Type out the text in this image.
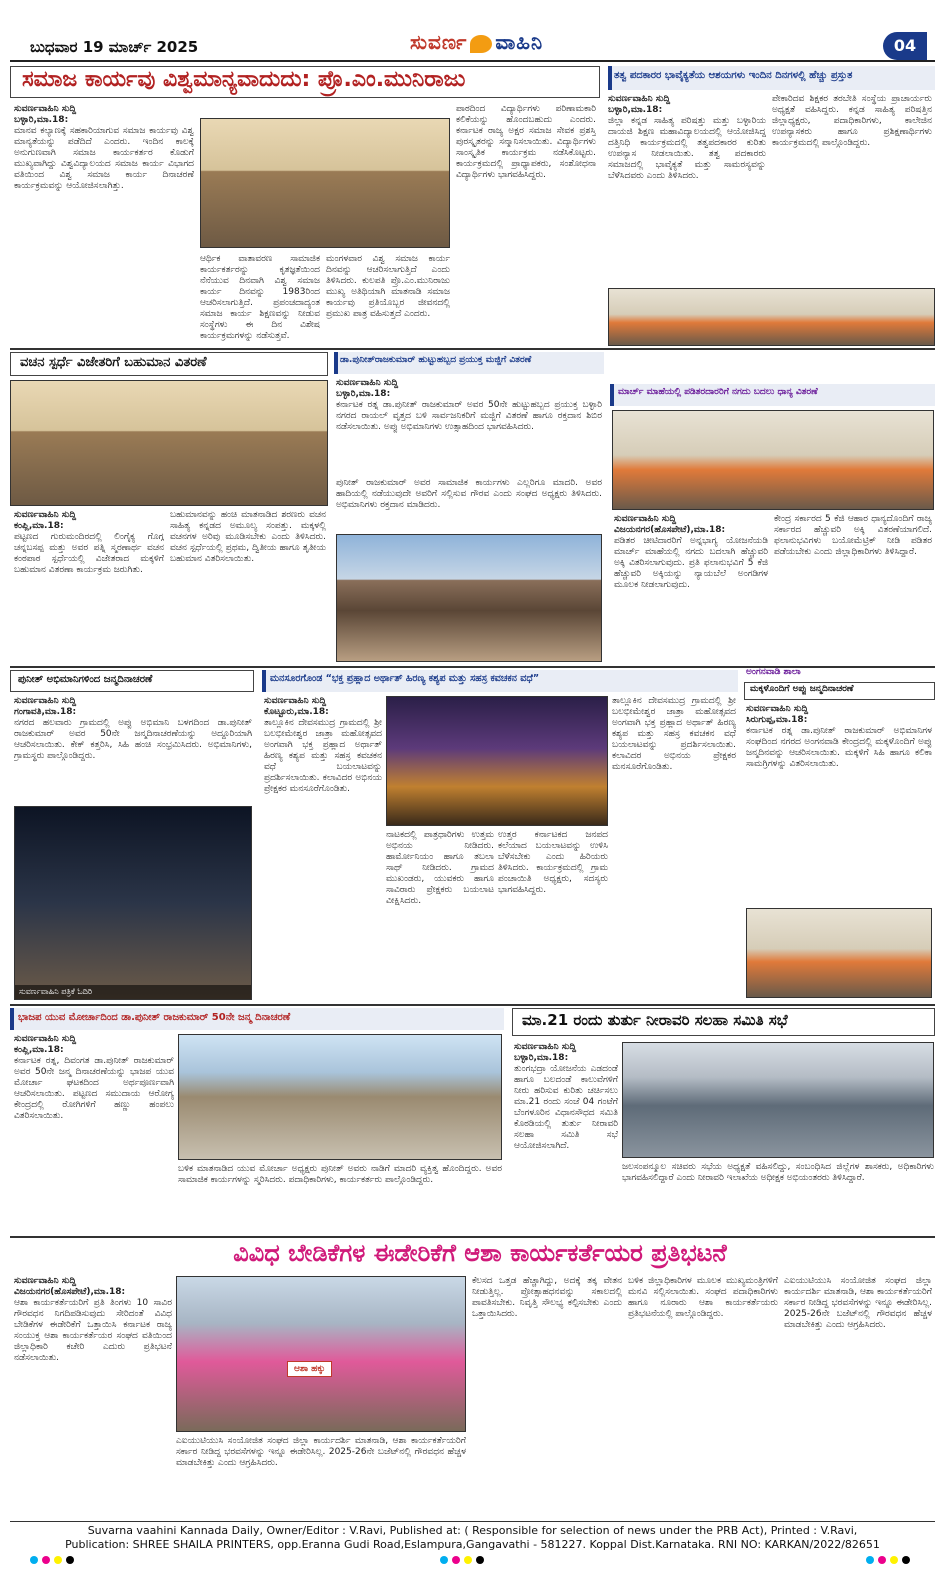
ಬುಧವಾರ 19 ಮಾರ್ಚ್ 2025	ಸುವರ್ಣ ವಾಹಿನಿ	04
ಸಮಾಜ ಕಾರ್ಯವು ವಿಶ್ವಮಾನ್ಯವಾದುದು: ಪ್ರೊ.ಎಂ.ಮುನಿರಾಜು
ಸುವರ್ಣವಾಹಿನಿ ಸುದ್ದಿ
ಬಳ್ಳಾರಿ,ಮಾ.18:

ಮಾನವ ಕಲ್ಯಾಣಕ್ಕೆ ಸಹಕಾರಿಯಾಗುವ ಸಮಾಜ ಕಾರ್ಯವು ವಿಶ್ವ ಮಾನ್ಯತೆಯನ್ನು ಪಡೆದಿದೆ ಎಂದರು. ಇಂದಿನ ಕಾಲಕ್ಕೆ ಅನುಗುಣವಾಗಿ ಸಮಾಜ ಕಾರ್ಯಕರ್ತರ ಕೊಡುಗೆ ಮುಖ್ಯವಾಗಿದ್ದು ವಿಶ್ವವಿದ್ಯಾಲಯದ ಸಮಾಜ ಕಾರ್ಯ ವಿಭಾಗದ ವತಿಯಿಂದ ವಿಶ್ವ ಸಮಾಜ ಕಾರ್ಯ ದಿನಾಚರಣೆ ಕಾರ್ಯಕ್ರಮವನ್ನು ಆಯೋಜಿಸಲಾಗಿತ್ತು.

ಆರ್ಥಿಕ ವಾತಾವರಣ ಸಾಮಾಜಿಕ ಕಾರ್ಯಕರ್ತರನ್ನು ಕೃತಜ್ಞತೆಯಿಂದ ನೆನೆಯುವ ದಿನವಾಗಿ ವಿಶ್ವ ಸಮಾಜ ಕಾರ್ಯ ದಿನವನ್ನು 1983ರಿಂದ ಆಚರಿಸಲಾಗುತ್ತಿದೆ. ಪ್ರಪಂಚದಾದ್ಯಂತ ಸಮಾಜ ಕಾರ್ಯ ಶಿಕ್ಷಣವನ್ನು ನೀಡುವ ಸಂಸ್ಥೆಗಳು ಈ ದಿನ ವಿಶೇಷ ಕಾರ್ಯಕ್ರಮಗಳನ್ನು ನಡೆಸುತ್ತವೆ.

ಮಂಗಳವಾರ ವಿಶ್ವ ಸಮಾಜ ಕಾರ್ಯ ದಿನವನ್ನು ಆಚರಿಸಲಾಗುತ್ತಿದೆ ಎಂದು ತಿಳಿಸಿದರು. ಕುಲಪತಿ ಪ್ರೊ.ಎಂ.ಮುನಿರಾಜು ಮುಖ್ಯ ಅತಿಥಿಯಾಗಿ ಮಾತನಾಡಿ ಸಮಾಜ ಕಾರ್ಯವು ಪ್ರತಿಯೊಬ್ಬರ ಜೀವನದಲ್ಲಿ ಪ್ರಮುಖ ಪಾತ್ರ ವಹಿಸುತ್ತದೆ ಎಂದರು.

ಪಾಠದಿಂದ ವಿದ್ಯಾರ್ಥಿಗಳು ಪರಿಣಾಮಕಾರಿ ಕಲಿಕೆಯನ್ನು ಹೊಂದಬಹುದು ಎಂದರು. ಕರ್ನಾಟಕ ರಾಜ್ಯ ಅಕ್ಷರ ಸಮಾಜ ಸೇವಕ ಪ್ರಶಸ್ತಿ ಪುರಸ್ಕೃತರನ್ನು ಸನ್ಮಾನಿಸಲಾಯಿತು. ವಿದ್ಯಾರ್ಥಿಗಳು ಸಾಂಸ್ಕೃತಿಕ ಕಾರ್ಯಕ್ರಮ ನಡೆಸಿಕೊಟ್ಟರು. ಕಾರ್ಯಕ್ರಮದಲ್ಲಿ ಪ್ರಾಧ್ಯಾಪಕರು, ಸಂಶೋಧನಾ ವಿದ್ಯಾರ್ಥಿಗಳು ಭಾಗವಹಿಸಿದ್ದರು.

ತತ್ವ ಪದಕಾರರ ಭಾವೈಕ್ಯತೆಯ ಆಶಯಗಳು ಇಂದಿನ ದಿನಗಳಲ್ಲಿ ಹೆಚ್ಚು ಪ್ರಸ್ತುತ
ಸುವರ್ಣವಾಹಿನಿ ಸುದ್ದಿ
ಬಳ್ಳಾರಿ,ಮಾ.18:

ಜಿಲ್ಲಾ ಕನ್ನಡ ಸಾಹಿತ್ಯ ಪರಿಷತ್ತು ಮತ್ತು ಬಳ್ಳಾರಿಯ ದಾಯಜಿ ಶಿಕ್ಷಣ ಮಹಾವಿದ್ಯಾಲಯದಲ್ಲಿ ಆಯೋಜಿಸಿದ್ದ ದತ್ತಿನಿಧಿ ಕಾರ್ಯಕ್ರಮದಲ್ಲಿ ತತ್ವಪದಕಾರರ ಕುರಿತು ಉಪನ್ಯಾಸ ನೀಡಲಾಯಿತು. ತತ್ವ ಪದಕಾರರು ಸಮಾಜದಲ್ಲಿ ಭಾವೈಕ್ಯತೆ ಮತ್ತು ಸಾಮರಸ್ಯವನ್ನು ಬೆಳೆಸಿದವರು ಎಂದು ತಿಳಿಸಿದರು.

ಪೇಕಾರಿದವ ಶಿಕ್ಷಕರ ತರಬೇತಿ ಸಂಸ್ಥೆಯ ಪ್ರಾಚಾರ್ಯರು ಅಧ್ಯಕ್ಷತೆ ವಹಿಸಿದ್ದರು. ಕನ್ನಡ ಸಾಹಿತ್ಯ ಪರಿಷತ್ತಿನ ಜಿಲ್ಲಾಧ್ಯಕ್ಷರು, ಪದಾಧಿಕಾರಿಗಳು, ಕಾಲೇಜಿನ ಉಪನ್ಯಾಸಕರು ಹಾಗೂ ಪ್ರಶಿಕ್ಷಣಾರ್ಥಿಗಳು ಕಾರ್ಯಕ್ರಮದಲ್ಲಿ ಪಾಲ್ಗೊಂಡಿದ್ದರು.

ವಚನ ಸ್ಪರ್ಧೆ ವಿಜೇತರಿಗೆ ಬಹುಮಾನ ವಿತರಣೆ
ಸುವರ್ಣವಾಹಿನಿ ಸುದ್ದಿ
ಕಂಪ್ಲಿ,ಮಾ.18:

ಪಟ್ಟಣದ ಗುರುಮಂದಿರದಲ್ಲಿ ಲಿಂಗೈಕ್ಯ ಗೊಗ್ಗ ಚನ್ನಬಸಪ್ಪ ಮತ್ತು ಅವರ ಪತ್ನಿ ಸ್ಮರಣಾರ್ಥ ವಚನ ಕಂಠಪಾಠ ಸ್ಪರ್ಧೆಯಲ್ಲಿ ವಿಜೇತರಾದ ಮಕ್ಕಳಿಗೆ ಬಹುಮಾನ ವಿತರಣಾ ಕಾರ್ಯಕ್ರಮ ಜರುಗಿತು.

ಬಹುಮಾನವನ್ನು ಹಂಚಿ ಮಾತನಾಡಿದ ಶರಣರು ವಚನ ಸಾಹಿತ್ಯ ಕನ್ನಡದ ಅಮೂಲ್ಯ ಸಂಪತ್ತು. ಮಕ್ಕಳಲ್ಲಿ ವಚನಗಳ ಅರಿವು ಮೂಡಿಸಬೇಕು ಎಂದು ತಿಳಿಸಿದರು. ವಚನ ಸ್ಪರ್ಧೆಯಲ್ಲಿ ಪ್ರಥಮ, ದ್ವಿತೀಯ ಹಾಗೂ ತೃತೀಯ ಬಹುಮಾನ ವಿತರಿಸಲಾಯಿತು.

ಡಾ.ಪುನೀತ್‌ರಾಜಕುಮಾರ್ ಹುಟ್ಟುಹಬ್ಬದ ಪ್ರಯುಕ್ತ ಮಜ್ಜಿಗೆ ವಿತರಣೆ
ಸುವರ್ಣವಾಹಿನಿ ಸುದ್ದಿ
ಬಳ್ಳಾರಿ,ಮಾ.18:

ಕರ್ನಾಟಕ ರತ್ನ ಡಾ.ಪುನೀತ್ ರಾಜಕುಮಾರ್ ಅವರ 50ನೇ ಹುಟ್ಟುಹಬ್ಬದ ಪ್ರಯುಕ್ತ ಬಳ್ಳಾರಿ ನಗರದ ರಾಯಲ್ ವೃತ್ತದ ಬಳಿ ಸಾರ್ವಜನಿಕರಿಗೆ ಮಜ್ಜಿಗೆ ವಿತರಣೆ ಹಾಗೂ ರಕ್ತದಾನ ಶಿಬಿರ ನಡೆಸಲಾಯಿತು. ಅಪ್ಪು ಅಭಿಮಾನಿಗಳು ಉತ್ಸಾಹದಿಂದ ಭಾಗವಹಿಸಿದರು.

ಪುನೀತ್ ರಾಜಕುಮಾರ್ ಅವರ ಸಾಮಾಜಿಕ ಕಾರ್ಯಗಳು ಎಲ್ಲರಿಗೂ ಮಾದರಿ. ಅವರ ಹಾದಿಯಲ್ಲಿ ನಡೆಯುವುದೇ ಅವರಿಗೆ ಸಲ್ಲಿಸುವ ಗೌರವ ಎಂದು ಸಂಘದ ಅಧ್ಯಕ್ಷರು ತಿಳಿಸಿದರು. ಅಭಿಮಾನಿಗಳು ರಕ್ತದಾನ ಮಾಡಿದರು.

ಮಾರ್ಚ್ ಮಾಹೆಯಲ್ಲಿ ಪಡಿತರದಾರರಿಗೆ ನಗದು ಬದಲು ಧಾನ್ಯ ವಿತರಣೆ
ಸುವರ್ಣವಾಹಿನಿ ಸುದ್ದಿ
ವಿಜಯನಗರ(ಹೊಸಪೇಟೆ),ಮಾ.18:

ಪಡಿತರ ಚೀಟಿದಾರರಿಗೆ ಅನ್ನಭಾಗ್ಯ ಯೋಜನೆಯಡಿ ಮಾರ್ಚ್ ಮಾಹೆಯಲ್ಲಿ ನಗದು ಬದಲಾಗಿ ಹೆಚ್ಚುವರಿ ಅಕ್ಕಿ ವಿತರಿಸಲಾಗುವುದು. ಪ್ರತಿ ಫಲಾನುಭವಿಗೆ 5 ಕೆಜಿ ಹೆಚ್ಚುವರಿ ಅಕ್ಕಿಯನ್ನು ನ್ಯಾಯಬೆಲೆ ಅಂಗಡಿಗಳ ಮೂಲಕ ನೀಡಲಾಗುವುದು.

ಕೇಂದ್ರ ಸರ್ಕಾರದ 5 ಕೆಜಿ ಆಹಾರ ಧಾನ್ಯದೊಂದಿಗೆ ರಾಜ್ಯ ಸರ್ಕಾರದ ಹೆಚ್ಚುವರಿ ಅಕ್ಕಿ ವಿತರಣೆಯಾಗಲಿದೆ. ಫಲಾನುಭವಿಗಳು ಬಯೋಮೆಟ್ರಿಕ್ ನೀಡಿ ಪಡಿತರ ಪಡೆಯಬೇಕು ಎಂದು ಜಿಲ್ಲಾಧಿಕಾರಿಗಳು ತಿಳಿಸಿದ್ದಾರೆ.

ಪುನೀತ್ ಅಭಿಮಾನಿಗಳಿಂದ ಜನ್ಮದಿನಾಚರಣೆ
ಸುವರ್ಣವಾಹಿನಿ ಸುದ್ದಿ
ಗಂಗಾವತಿ,ಮಾ.18:

ನಗರದ ಹಲವಾರು ಗ್ರಾಮದಲ್ಲಿ ಅಪ್ಪು ಅಭಿಮಾನಿ ಬಳಗದಿಂದ ಡಾ.ಪುನೀತ್ ರಾಜಕುಮಾರ್ ಅವರ 50ನೇ ಜನ್ಮದಿನಾಚರಣೆಯನ್ನು ಅದ್ದೂರಿಯಾಗಿ ಆಚರಿಸಲಾಯಿತು. ಕೇಕ್ ಕತ್ತರಿಸಿ, ಸಿಹಿ ಹಂಚಿ ಸಂಭ್ರಮಿಸಿದರು. ಅಭಿಮಾನಿಗಳು, ಗ್ರಾಮಸ್ಥರು ಪಾಲ್ಗೊಂಡಿದ್ದರು.

ಸುವರ್ಣವಾಹಿನಿ ಪತ್ರಿಕೆ ಓದಿರಿ
ಮನಸೂರಗೊಂಡ “ಭಕ್ತ ಪ್ರಹ್ಲಾದ ಅರ್ಥಾತ್ ಹಿರಣ್ಯ ಕಶ್ಯಪ ಮತ್ತು ಸಹಸ್ರ ಕವಚಕನ ವಧೆ”
ಸುವರ್ಣವಾಹಿನಿ ಸುದ್ದಿ
ಕೊಟ್ಟೂರು,ಮಾ.18:

ತಾಲ್ಲೂಕಿನ ದೇವಸಮುದ್ರ ಗ್ರಾಮದಲ್ಲಿ ಶ್ರೀ ಬಲಭೀಮೇಶ್ವರ ಜಾತ್ರಾ ಮಹೋತ್ಸವದ ಅಂಗವಾಗಿ ಭಕ್ತ ಪ್ರಹ್ಲಾದ ಅರ್ಥಾತ್ ಹಿರಣ್ಯ ಕಶ್ಯಪ ಮತ್ತು ಸಹಸ್ರ ಕವಚಕನ ವಧೆ ಬಯಲಾಟವನ್ನು ಪ್ರದರ್ಶಿಸಲಾಯಿತು. ಕಲಾವಿದರ ಅಭಿನಯ ಪ್ರೇಕ್ಷಕರ ಮನಸೂರೆಗೊಂಡಿತು.

ನಾಟಕದಲ್ಲಿ ಪಾತ್ರಧಾರಿಗಳು ಉತ್ತಮ ಅಭಿನಯ ನೀಡಿದರು. ಹಾರ್ಮೋನಿಯಂ ಹಾಗೂ ತಬಲಾ ಸಾಥ್ ನೀಡಿದರು. ಗ್ರಾಮದ ಮುಖಂಡರು, ಯುವಕರು ಹಾಗೂ ಸಾವಿರಾರು ಪ್ರೇಕ್ಷಕರು ಬಯಲಾಟ ವೀಕ್ಷಿಸಿದರು.

ಉತ್ತರ ಕರ್ನಾಟಕದ ಜನಪದ ಕಲೆಯಾದ ಬಯಲಾಟವನ್ನು ಉಳಿಸಿ ಬೆಳೆಸಬೇಕು ಎಂದು ಹಿರಿಯರು ತಿಳಿಸಿದರು. ಕಾರ್ಯಕ್ರಮದಲ್ಲಿ ಗ್ರಾಮ ಪಂಚಾಯಿತಿ ಅಧ್ಯಕ್ಷರು, ಸದಸ್ಯರು ಭಾಗವಹಿಸಿದ್ದರು.

ತಾಲ್ಲೂಕಿನ ದೇವಸಮುದ್ರ ಗ್ರಾಮದಲ್ಲಿ ಶ್ರೀ ಬಲಭೀಮೇಶ್ವರ ಜಾತ್ರಾ ಮಹೋತ್ಸವದ ಅಂಗವಾಗಿ ಭಕ್ತ ಪ್ರಹ್ಲಾದ ಅರ್ಥಾತ್ ಹಿರಣ್ಯ ಕಶ್ಯಪ ಮತ್ತು ಸಹಸ್ರ ಕವಚಕನ ವಧೆ ಬಯಲಾಟವನ್ನು ಪ್ರದರ್ಶಿಸಲಾಯಿತು. ಕಲಾವಿದರ ಅಭಿನಯ ಪ್ರೇಕ್ಷಕರ ಮನಸೂರೆಗೊಂಡಿತು.

ಅಂಗನವಾಡಿ ಶಾಲಾ
ಮಕ್ಕಳೊಂದಿಗೆ ಅಪ್ಪು ಜನ್ಮದಿನಾಚರಣೆ
ಸುವರ್ಣವಾಹಿನಿ ಸುದ್ದಿ
ಸಿರುಗುಪ್ಪ,ಮಾ.18:

ಕರ್ನಾಟಕ ರತ್ನ ಡಾ.ಪುನೀತ್ ರಾಜಕುಮಾರ್ ಅಭಿಮಾನಿಗಳ ಸಂಘದಿಂದ ನಗರದ ಅಂಗನವಾಡಿ ಕೇಂದ್ರದಲ್ಲಿ ಮಕ್ಕಳೊಂದಿಗೆ ಅಪ್ಪು ಜನ್ಮದಿನವನ್ನು ಆಚರಿಸಲಾಯಿತು. ಮಕ್ಕಳಿಗೆ ಸಿಹಿ ಹಾಗೂ ಕಲಿಕಾ ಸಾಮಗ್ರಿಗಳನ್ನು ವಿತರಿಸಲಾಯಿತು.

ಭಾಜಪ ಯುವ ಮೋರ್ಚಾದಿಂದ ಡಾ.ಪುನೀತ್ ರಾಜಕುಮಾರ್ 50ನೇ ಜನ್ಮ ದಿನಾಚರಣೆ
ಸುವರ್ಣವಾಹಿನಿ ಸುದ್ದಿ
ಕಂಪ್ಲಿ,ಮಾ.18:

ಕರ್ನಾಟಕ ರತ್ನ, ದಿವಂಗತ ಡಾ.ಪುನೀತ್ ರಾಜಕುಮಾರ್ ಅವರ 50ನೇ ಜನ್ಮ ದಿನಾಚರಣೆಯನ್ನು ಭಾಜಪ ಯುವ ಮೋರ್ಚಾ ಘಟಕದಿಂದ ಅರ್ಥಪೂರ್ಣವಾಗಿ ಆಚರಿಸಲಾಯಿತು. ಪಟ್ಟಣದ ಸಮುದಾಯ ಆರೋಗ್ಯ ಕೇಂದ್ರದಲ್ಲಿ ರೋಗಿಗಳಿಗೆ ಹಣ್ಣು ಹಂಪಲು ವಿತರಿಸಲಾಯಿತು.

ಬಳಿಕ ಮಾತನಾಡಿದ ಯುವ ಮೋರ್ಚಾ ಅಧ್ಯಕ್ಷರು ಪುನೀತ್ ಅವರು ನಾಡಿಗೆ ಮಾದರಿ ವ್ಯಕ್ತಿತ್ವ ಹೊಂದಿದ್ದರು. ಅವರ ಸಾಮಾಜಿಕ ಕಾರ್ಯಗಳನ್ನು ಸ್ಮರಿಸಿದರು. ಪದಾಧಿಕಾರಿಗಳು, ಕಾರ್ಯಕರ್ತರು ಪಾಲ್ಗೊಂಡಿದ್ದರು.

ಮಾ.21 ರಂದು ತುರ್ತು ನೀರಾವರಿ ಸಲಹಾ ಸಮಿತಿ ಸಭೆ
ಸುವರ್ಣವಾಹಿನಿ ಸುದ್ದಿ
ಬಳ್ಳಾರಿ,ಮಾ.18:

ತುಂಗಭದ್ರಾ ಯೋಜನೆಯ ಎಡದಂಡೆ ಹಾಗೂ ಬಲದಂಡೆ ಕಾಲುವೆಗಳಿಗೆ ನೀರು ಹರಿಸುವ ಕುರಿತು ಚರ್ಚಿಸಲು ಮಾ.21 ರಂದು ಸಂಜೆ 04 ಗಂಟೆಗೆ ಬೆಂಗಳೂರಿನ ವಿಧಾನಸೌಧದ ಸಮಿತಿ ಕೊಠಡಿಯಲ್ಲಿ ತುರ್ತು ನೀರಾವರಿ ಸಲಹಾ ಸಮಿತಿ ಸಭೆ ಆಯೋಜಿಸಲಾಗಿದೆ.

ಜಲಸಂಪನ್ಮೂಲ ಸಚಿವರು ಸಭೆಯ ಅಧ್ಯಕ್ಷತೆ ವಹಿಸಲಿದ್ದು, ಸಂಬಂಧಿಸಿದ ಜಿಲ್ಲೆಗಳ ಶಾಸಕರು, ಅಧಿಕಾರಿಗಳು ಭಾಗವಹಿಸಲಿದ್ದಾರೆ ಎಂದು ನೀರಾವರಿ ಇಲಾಖೆಯ ಅಧೀಕ್ಷಕ ಅಭಿಯಂತರರು ತಿಳಿಸಿದ್ದಾರೆ.

ವಿವಿಧ ಬೇಡಿಕೆಗಳ ಈಡೇರಿಕೆಗೆ ಆಶಾ ಕಾರ್ಯಕರ್ತೆಯರ ಪ್ರತಿಭಟನೆ
ಸುವರ್ಣವಾಹಿನಿ ಸುದ್ದಿ
ವಿಜಯನಗರ(ಹೊಸಪೇಟೆ),ಮಾ.18:

ಆಶಾ ಕಾರ್ಯಕರ್ತೆಯರಿಗೆ ಪ್ರತಿ ತಿಂಗಳು 10 ಸಾವಿರ ಗೌರವಧನ ನಿಗದಿಪಡಿಸುವುದು ಸೇರಿದಂತೆ ವಿವಿಧ ಬೇಡಿಕೆಗಳ ಈಡೇರಿಕೆಗೆ ಒತ್ತಾಯಿಸಿ ಕರ್ನಾಟಕ ರಾಜ್ಯ ಸಂಯುಕ್ತ ಆಶಾ ಕಾರ್ಯಕರ್ತೆಯರ ಸಂಘದ ವತಿಯಿಂದ ಜಿಲ್ಲಾಧಿಕಾರಿ ಕಚೇರಿ ಎದುರು ಪ್ರತಿಭಟನೆ ನಡೆಸಲಾಯಿತು.

ಆಶಾ ಹಕ್ಕು

ಎಐಯುಟಿಯುಸಿ ಸಂಯೋಜಿತ ಸಂಘದ ಜಿಲ್ಲಾ ಕಾರ್ಯದರ್ಶಿ ಮಾತನಾಡಿ, ಆಶಾ ಕಾರ್ಯಕರ್ತೆಯರಿಗೆ ಸರ್ಕಾರ ನೀಡಿದ್ದ ಭರವಸೆಗಳನ್ನು ಇನ್ನೂ ಈಡೇರಿಸಿಲ್ಲ. 2025-26ನೇ ಬಜೆಟ್‌ನಲ್ಲಿ ಗೌರವಧನ ಹೆಚ್ಚಳ ಮಾಡಬೇಕಿತ್ತು ಎಂದು ಆಗ್ರಹಿಸಿದರು.

ಕೆಲಸದ ಒತ್ತಡ ಹೆಚ್ಚಾಗಿದ್ದು, ಅದಕ್ಕೆ ತಕ್ಕ ವೇತನ ನೀಡುತ್ತಿಲ್ಲ. ಪ್ರೋತ್ಸಾಹಧನವನ್ನು ಸಕಾಲದಲ್ಲಿ ಪಾವತಿಸಬೇಕು. ನಿವೃತ್ತಿ ಸೌಲಭ್ಯ ಕಲ್ಪಿಸಬೇಕು ಎಂದು ಒತ್ತಾಯಿಸಿದರು.

ಬಳಿಕ ಜಿಲ್ಲಾಧಿಕಾರಿಗಳ ಮೂಲಕ ಮುಖ್ಯಮಂತ್ರಿಗಳಿಗೆ ಮನವಿ ಸಲ್ಲಿಸಲಾಯಿತು. ಸಂಘದ ಪದಾಧಿಕಾರಿಗಳು ಹಾಗೂ ನೂರಾರು ಆಶಾ ಕಾರ್ಯಕರ್ತೆಯರು ಪ್ರತಿಭಟನೆಯಲ್ಲಿ ಪಾಲ್ಗೊಂಡಿದ್ದರು.

ಎಐಯುಟಿಯುಸಿ ಸಂಯೋಜಿತ ಸಂಘದ ಜಿಲ್ಲಾ ಕಾರ್ಯದರ್ಶಿ ಮಾತನಾಡಿ, ಆಶಾ ಕಾರ್ಯಕರ್ತೆಯರಿಗೆ ಸರ್ಕಾರ ನೀಡಿದ್ದ ಭರವಸೆಗಳನ್ನು ಇನ್ನೂ ಈಡೇರಿಸಿಲ್ಲ. 2025-26ನೇ ಬಜೆಟ್‌ನಲ್ಲಿ ಗೌರವಧನ ಹೆಚ್ಚಳ ಮಾಡಬೇಕಿತ್ತು ಎಂದು ಆಗ್ರಹಿಸಿದರು.

Suvarna vaahini Kannada Daily, Owner/Editor : V.Ravi, Published at: ( Responsible for selection of news under the PRB Act), Printed : V.Ravi,
Publication: SHREE SHAILA PRINTERS, opp.Eranna Gudi Road,Eslampura,Gangavathi - 581227. Koppal Dist.Karnataka. RNI NO: KARKAN/2022/82651
